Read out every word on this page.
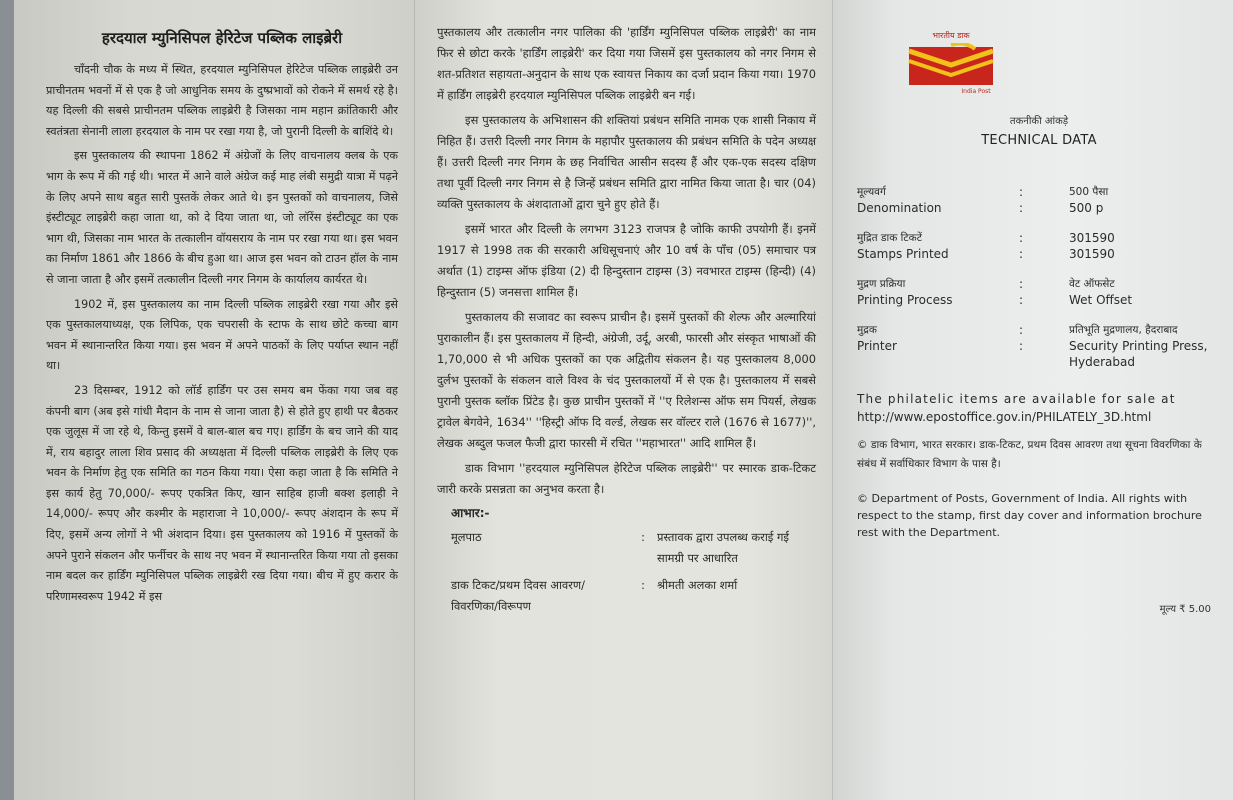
हरदयाल म्युनिसिपल हेरिटेज पब्लिक लाइब्रेरी

चाँदनी चौक के मध्य में स्थित, हरदयाल म्युनिसिपल हेरिटेज पब्लिक लाइब्रेरी उन प्राचीनतम भवनों में से एक है जो आधुनिक समय के दुष्प्रभावों को रोकने में समर्थ रहे है। यह दिल्ली की सबसे प्राचीनतम पब्लिक लाइब्रेरी है जिसका नाम महान क्रांतिकारी और स्वतंत्रता सेनानी लाला हरदयाल के नाम पर रखा गया है, जो पुरानी दिल्ली के बाशिंदे थे।

इस पुस्तकालय की स्थापना 1862 में अंग्रेजों के लिए वाचनालय क्लब के एक भाग के रूप में की गई थी। भारत में आने वाले अंग्रेज कई माह लंबी समुद्री यात्रा में पढ़ने के लिए अपने साथ बहुत सारी पुस्तकें लेकर आते थे। इन पुस्तकों को वाचनालय, जिसे इंस्टीट्यूट लाइब्रेरी कहा जाता था, को दे दिया जाता था, जो लॉरेंस इंस्टीट्यूट का एक भाग थी, जिसका नाम भारत के तत्कालीन वॉयसराय के नाम पर रखा गया था। इस भवन का निर्माण 1861 और 1866 के बीच हुआ था। आज इस भवन को टाउन हॉल के नाम से जाना जाता है और इसमें तत्कालीन दिल्ली नगर निगम के कार्यालय कार्यरत थे।

1902 में, इस पुस्तकालय का नाम दिल्ली पब्लिक लाइब्रेरी रखा गया और इसे एक पुस्तकालयाध्यक्ष, एक लिपिक, एक चपरासी के स्टाफ के साथ छोटे कच्चा बाग भवन में स्थानान्तरित किया गया। इस भवन में अपने पाठकों के लिए पर्याप्त स्थान नहीं था।

23 दिसम्बर, 1912 को लॉर्ड हार्डिंग पर उस समय बम फेंका गया जब वह कंपनी बाग (अब इसे गांधी मैदान के नाम से जाना जाता है) से होते हुए हाथी पर बैठकर एक जुलूस में जा रहे थे, किन्तु इसमें वे बाल-बाल बच गए। हार्डिंग के बच जाने की याद में, राय बहादुर लाला शिव प्रसाद की अध्यक्षता में दिल्ली पब्लिक लाइब्रेरी के लिए एक भवन के निर्माण हेतु एक समिति का गठन किया गया। ऐसा कहा जाता है कि समिति ने इस कार्य हेतु 70,000/- रूपए एकत्रित किए, खान साहिब हाजी बक्श इलाही ने 14,000/- रूपए और कश्मीर के महाराजा ने 10,000/- रूपए अंशदान के रूप में दिए, इसमें अन्य लोगों ने भी अंशदान दिया। इस पुस्तकालय को 1916 में पुस्तकों के अपने पुराने संकलन और फर्नीचर के साथ नए भवन में स्थानान्तरित किया गया तो इसका नाम बदल कर हार्डिंग म्युनिसिपल पब्लिक लाइब्रेरी रख दिया गया। बीच में हुए करार के परिणामस्वरूप 1942 में इस

पुस्तकालय और तत्कालीन नगर पालिका की 'हार्डिंग म्युनिसिपल पब्लिक लाइब्रेरी' का नाम फिर से छोटा करके 'हार्डिंग लाइब्रेरी' कर दिया गया जिसमें इस पुस्तकालय को नगर निगम से शत-प्रतिशत सहायता-अनुदान के साथ एक स्वायत्त निकाय का दर्जा प्रदान किया गया। 1970 में हार्डिंग लाइब्रेरी हरदयाल म्युनिसिपल पब्लिक लाइब्रेरी बन गई।

इस पुस्तकालय के अभिशासन की शक्तियां प्रबंधन समिति नामक एक शासी निकाय में निहित हैं। उत्तरी दिल्ली नगर निगम के महापौर पुस्तकालय की प्रबंधन समिति के पदेन अध्यक्ष हैं। उत्तरी दिल्ली नगर निगम के छह निर्वाचित आसीन सदस्य हैं और एक-एक सदस्य दक्षिण तथा पूर्वी दिल्ली नगर निगम से है जिन्हें प्रबंधन समिति द्वारा नामित किया जाता है। चार (04) व्यक्ति पुस्तकालय के अंशदाताओं द्वारा चुने हुए होते हैं।

इसमें भारत और दिल्ली के लगभग 3123 राजपत्र है जोकि काफी उपयोगी हैं। इनमें 1917 से 1998 तक की सरकारी अधिसूचनाएं और 10 वर्ष के पाँच (05) समाचार पत्र अर्थात (1) टाइम्स ऑफ इंडिया (2) दी हिन्दुस्तान टाइम्स (3) नवभारत टाइम्स (हिन्दी) (4) हिन्दुस्तान (5) जनसत्ता शामिल हैं।

पुस्तकालय की सजावट का स्वरूप प्राचीन है। इसमें पुस्तकों की शेल्फ और अल्मारियां पुराकालीन हैं। इस पुस्तकालय में हिन्दी, अंग्रेजी, उर्दू, अरबी, फारसी और संस्कृत भाषाओं की 1,70,000 से भी अधिक पुस्तकों का एक अद्वितीय संकलन है। यह पुस्तकालय 8,000 दुर्लभ पुस्तकों के संकलन वाले विश्व के चंद पुस्तकालयों में से एक है। पुस्तकालय में सबसे पुरानी पुस्तक ब्लॉक प्रिंटेड है। कुछ प्राचीन पुस्तकों में ''ए रिलेशन्स ऑफ सम पियर्स, लेखक ट्रावेल बेगवेने, 1634'' ''हिस्ट्री ऑफ दि वर्ल्ड, लेखक सर वॉल्टर राले (1676 से 1677)'', लेखक अब्दुल फजल फैजी द्वारा फारसी में रचित ''महाभारत'' आदि शामिल हैं।

डाक विभाग ''हरदयाल म्युनिसिपल हेरिटेज पब्लिक लाइब्रेरी'' पर स्मारक डाक-टिकट जारी करके प्रसन्नता का अनुभव करता है।

आभार:-
मूलपाठ	:	प्रस्तावक द्वारा उपलब्ध कराई गई सामग्री पर आधारित
डाक टिकट/प्रथम दिवस आवरण/ विवरणिका/विरूपण
:	श्रीमती अलका शर्मा
भारतीय डाक
India Post
तकनीकी आंकड़े
TECHNICAL DATA
मूल्यवर्ग	:	500 पैसा
Denomination	:	500 p
मुद्रित डाक टिकटें	:	301590
Stamps Printed	:	301590
मुद्रण प्रक्रिया	:	वेट ऑफसेट
Printing Process	:	Wet Offset
मुद्रक	:	प्रतिभूति मुद्रणालय, हैदराबाद
Printer	:	Security Printing Press, Hyderabad
The philatelic items are available for sale at
http://www.epostoffice.gov.in/PHILATELY_3D.html
© डाक विभाग, भारत सरकार। डाक-टिकट, प्रथम दिवस आवरण तथा सूचना विवरणिका के संबंध में सर्वाधिकार विभाग के पास है।
© Department of Posts, Government of India. All rights with respect to the stamp, first day cover and information brochure rest with the Department.
मूल्य ₹ 5.00
